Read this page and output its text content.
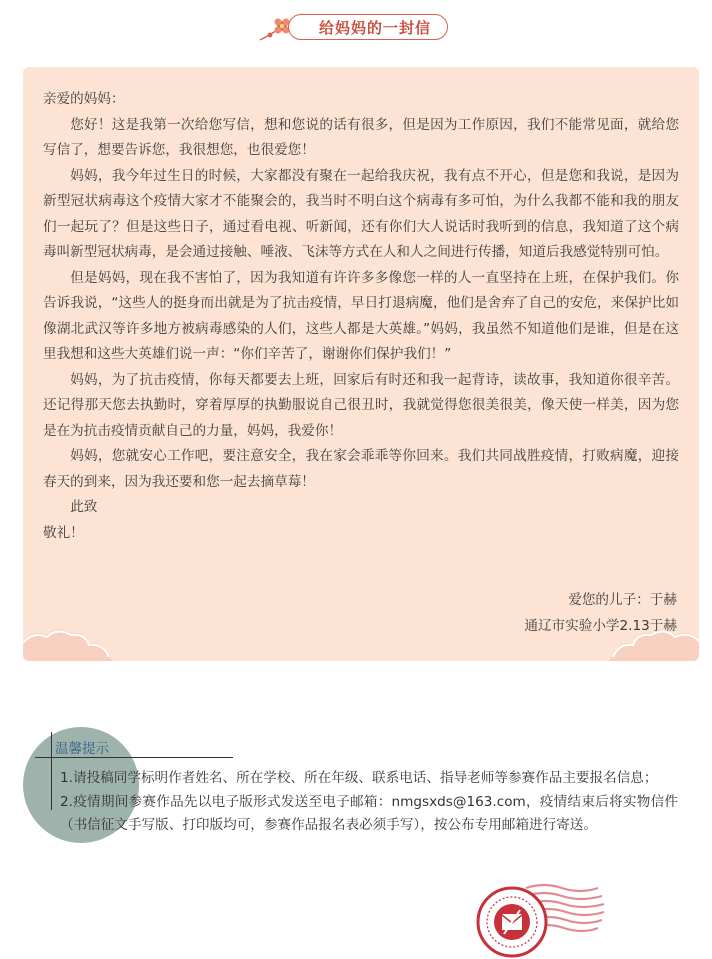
给妈妈的一封信

亲爱的妈妈：

您好！这是我第一次给您写信，想和您说的话有很多，但是因为工作原因，我们不能常见面，就给您写信了，想要告诉您，我很想您，也很爱您！

妈妈，我今年过生日的时候，大家都没有聚在一起给我庆祝，我有点不开心，但是您和我说，是因为新型冠状病毒这个疫情大家才不能聚会的，我当时不明白这个病毒有多可怕，为什么我都不能和我的朋友们一起玩了？但是这些日子，通过看电视、听新闻，还有你们大人说话时我听到的信息，我知道了这个病毒叫新型冠状病毒，是会通过接触、唾液、飞沫等方式在人和人之间进行传播，知道后我感觉特别可怕。

但是妈妈，现在我不害怕了，因为我知道有许许多多像您一样的人一直坚持在上班，在保护我们。你告诉我说，“这些人的挺身而出就是为了抗击疫情，早日打退病魔，他们是舍弃了自己的安危，来保护比如像湖北武汉等许多地方被病毒感染的人们，这些人都是大英雄。”妈妈，我虽然不知道他们是谁，但是在这里我想和这些大英雄们说一声：“你们辛苦了，谢谢你们保护我们！”

妈妈，为了抗击疫情，你每天都要去上班，回家后有时还和我一起背诗，读故事，我知道你很辛苦。还记得那天您去执勤时，穿着厚厚的执勤服说自己很丑时，我就觉得您很美很美，像天使一样美，因为您是在为抗击疫情贡献自己的力量，妈妈，我爱你！

妈妈，您就安心工作吧，要注意安全，我在家会乖乖等你回来。我们共同战胜疫情，打败病魔，迎接春天的到来，因为我还要和您一起去摘草莓！

此致

敬礼！

爱您的儿子：于赫
通辽市实验小学2.13于赫
温馨提示

1.请投稿同学标明作者姓名、所在学校、所在年级、联系电话、指导老师等参赛作品主要报名信息；

2.疫情期间参赛作品先以电子版形式发送至电子邮箱：nmgsxds@163.com，疫情结束后将实物信件（书信征文手写版、打印版均可，参赛作品报名表必须手写），按公布专用邮箱进行寄送。
